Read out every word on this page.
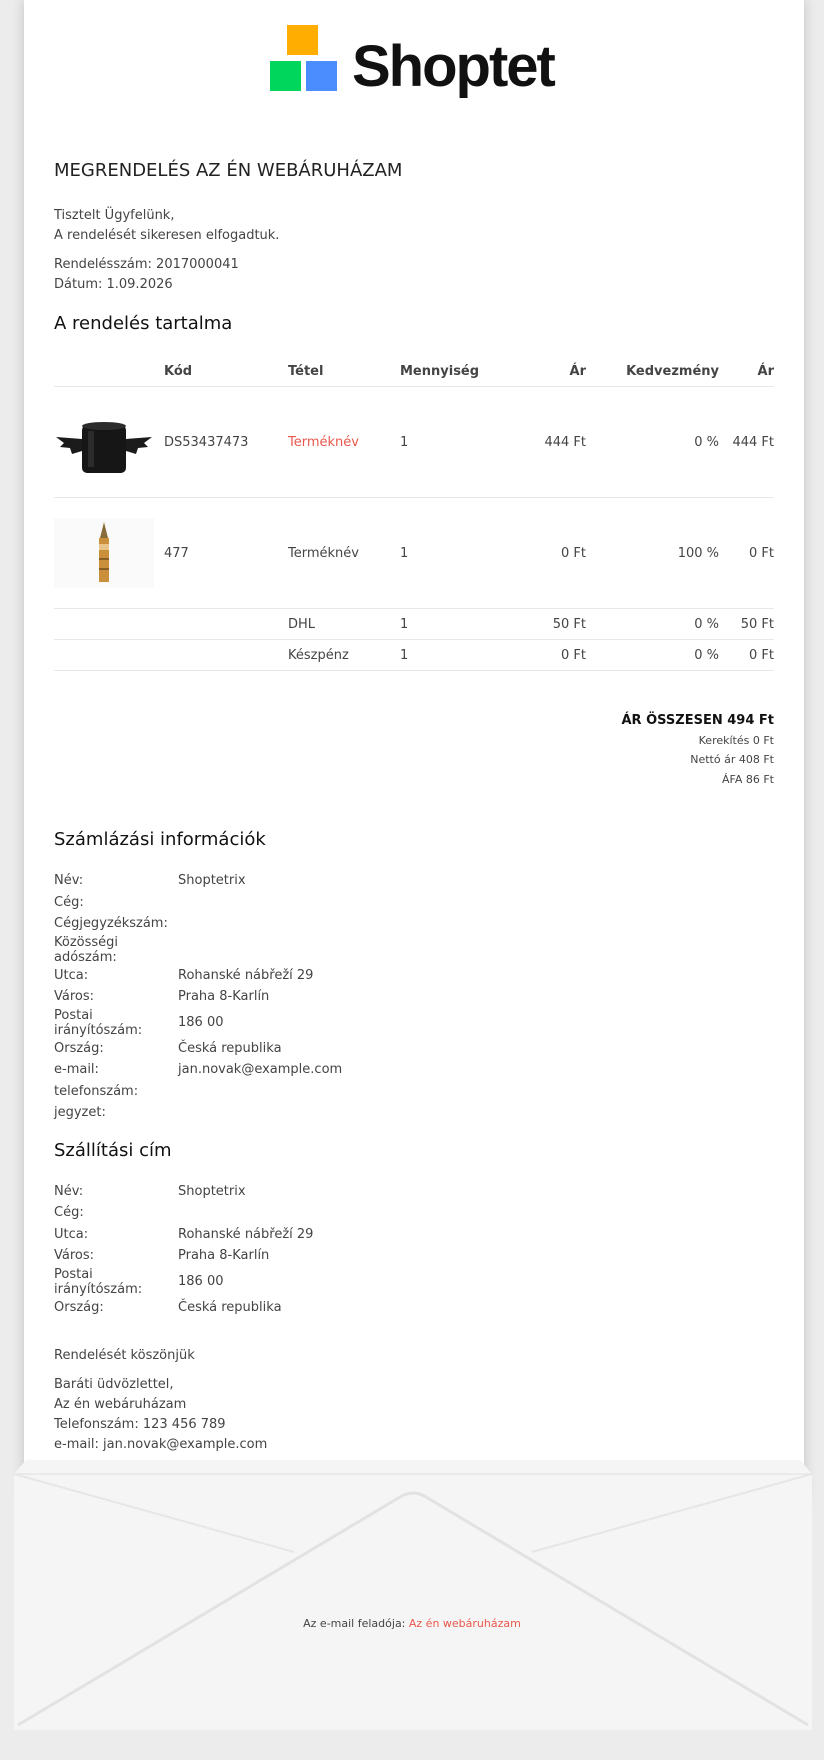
Shoptet
MEGRENDELÉS AZ ÉN WEBÁRUHÁZAM

Tisztelt Ügyfelünk,

A rendelését sikeresen elfogadtuk.

Rendelésszám: 2017000041

Dátum: 1.09.2026

A rendelés tartalma
	Kód	Tétel	Mennyiség	Ár	Kedvezmény	Ár

	DS53437473	Terméknév	1	444 Ft	0 %	444 Ft

	477	Terméknév	1	0 Ft	100 %	0 Ft
		DHL	1	50 Ft	0 %	50 Ft
		Készpénz	1	0 Ft	0 %	0 Ft
ÁR ÖSSZESEN 494 Ft
Kerekítés 0 Ft
Nettó ár 408 Ft
ÁFA 86 Ft
Számlázási információk
Név:	Shoptetrix
Cég:	
Cégjegyzékszám:	
Közösségi adószám:	
Utca:	Rohanské nábřeží 29
Város:	Praha 8-Karlín
Postai irányítószám:	186 00
Ország:	Česká republika
e-mail:	jan.novak@example.com
telefonszám:	
jegyzet:	
Szállítási cím
Név:	Shoptetrix
Cég:	
Utca:	Rohanské nábřeží 29
Város:	Praha 8-Karlín
Postai irányítószám:	186 00
Ország:	Česká republika

Rendelését köszönjük

Baráti üdvözlettel,

Az én webáruházam

Telefonszám: 123 456 789

e-mail: jan.novak@example.com

Az e-mail feladója: Az én webáruházam
